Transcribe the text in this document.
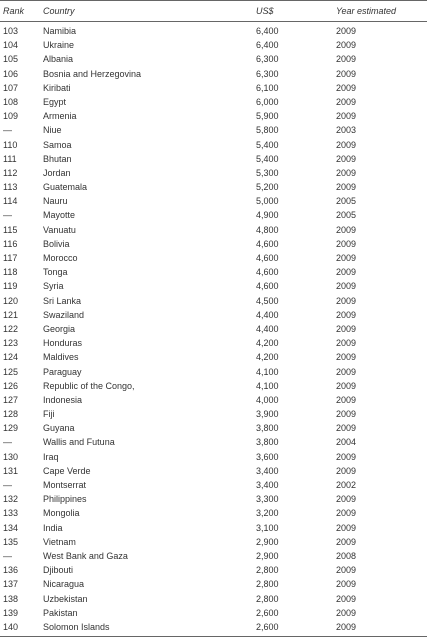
Rank Country	US$	Year estimated
103	Namibia	6,400	2009
104	Ukraine	6,400	2009
105	Albania	6,300	2009
106	Bosnia and Herzegovina	6,300	2009
107	Kiribati	6,100	2009
108	Egypt	6,000	2009
109	Armenia	5,900	2009
—	Niue	5,800	2003
110	Samoa	5,400	2009
111	Bhutan	5,400	2009
112	Jordan	5,300	2009
113	Guatemala	5,200	2009
114	Nauru	5,000	2005
—	Mayotte	4,900	2005
115	Vanuatu	4,800	2009
116	Bolivia	4,600	2009
117	Morocco	4,600	2009
118	Tonga	4,600	2009
119	Syria	4,600	2009
120	Sri Lanka	4,500	2009
121	Swaziland	4,400	2009
122	Georgia	4,400	2009
123	Honduras	4,200	2009
124	Maldives	4,200	2009
125	Paraguay	4,100	2009
126	Republic of the Congo,	4,100	2009
127	Indonesia	4,000	2009
128	Fiji	3,900	2009
129	Guyana	3,800	2009
—	Wallis and Futuna	3,800	2004
130	Iraq	3,600	2009
131	Cape Verde	3,400	2009
—	Montserrat	3,400	2002
132	Philippines	3,300	2009
133	Mongolia	3,200	2009
134	India	3,100	2009
135	Vietnam	2,900	2009
—	West Bank and Gaza	2,900	2008
136	Djibouti	2,800	2009
137	Nicaragua	2,800	2009
138	Uzbekistan	2,800	2009
139	Pakistan	2,600	2009
140	Solomon Islands	2,600	2009
